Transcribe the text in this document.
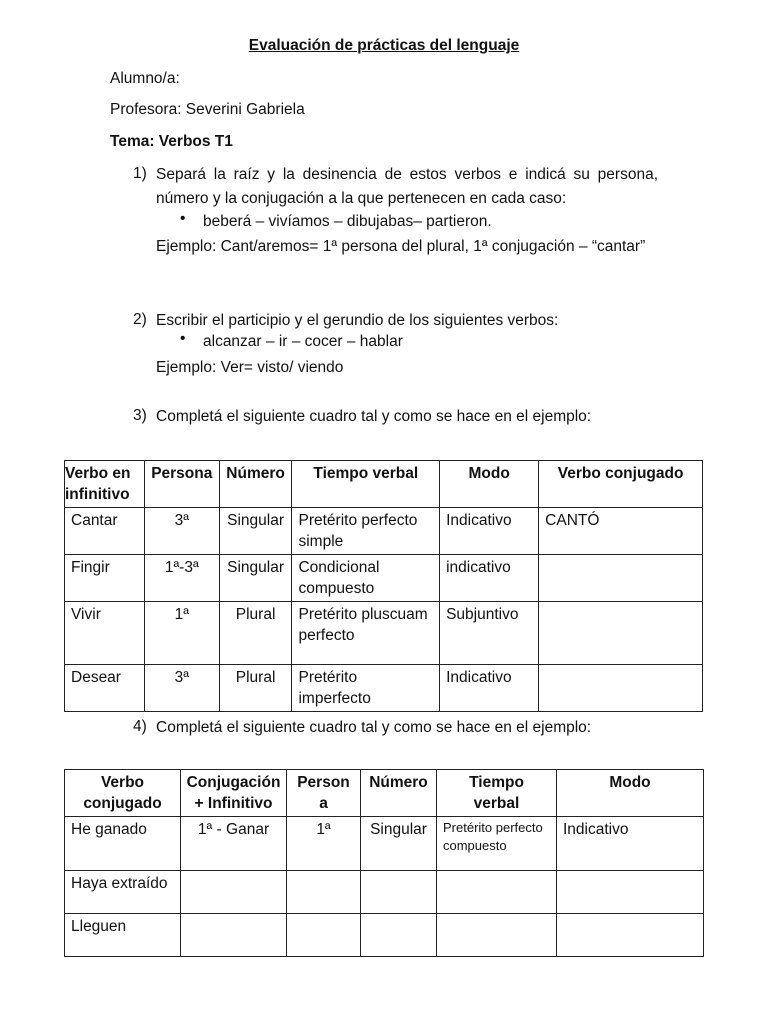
Evaluación de prácticas del lenguaje
Alumno/a:
Profesora: Severini Gabriela
Tema: Verbos T1
1) Separá la raíz y la desinencia de estos verbos e indicá su persona, número y la conjugación a la que pertenecen en cada caso:
• beberá – vivíamos – dibujabas– partieron.
Ejemplo: Cant/aremos= 1ª persona del plural, 1ª conjugación – “cantar”
2) Escribir el participio y el gerundio de los siguientes verbos:
• alcanzar – ir – cocer – hablar
Ejemplo: Ver= visto/ viendo
3) Completá el siguiente cuadro tal y como se hace en el ejemplo:
Verbo en infinitivo	Persona	Número	Tiempo verbal	Modo	Verbo conjugado
Cantar	3ª	Singular	Pretérito perfecto simple	Indicativo	CANTÓ
Fingir	1ª-3ª	Singular	Condicional compuesto	indicativo	
Vivir	1ª	Plural	Pretérito pluscuamperfecto	Subjuntivo	
Desear	3ª	Plural	Pretérito imperfecto	Indicativo	
4) Completá el siguiente cuadro tal y como se hace en el ejemplo:
Verbo conjugado	Conjugación + Infinitivo	Persona	Número	Tiempo verbal	Modo
He ganado	1ª - Ganar	1ª	Singular	Pretérito perfecto compuesto	Indicativo
Haya extraído					
Lleguen					
